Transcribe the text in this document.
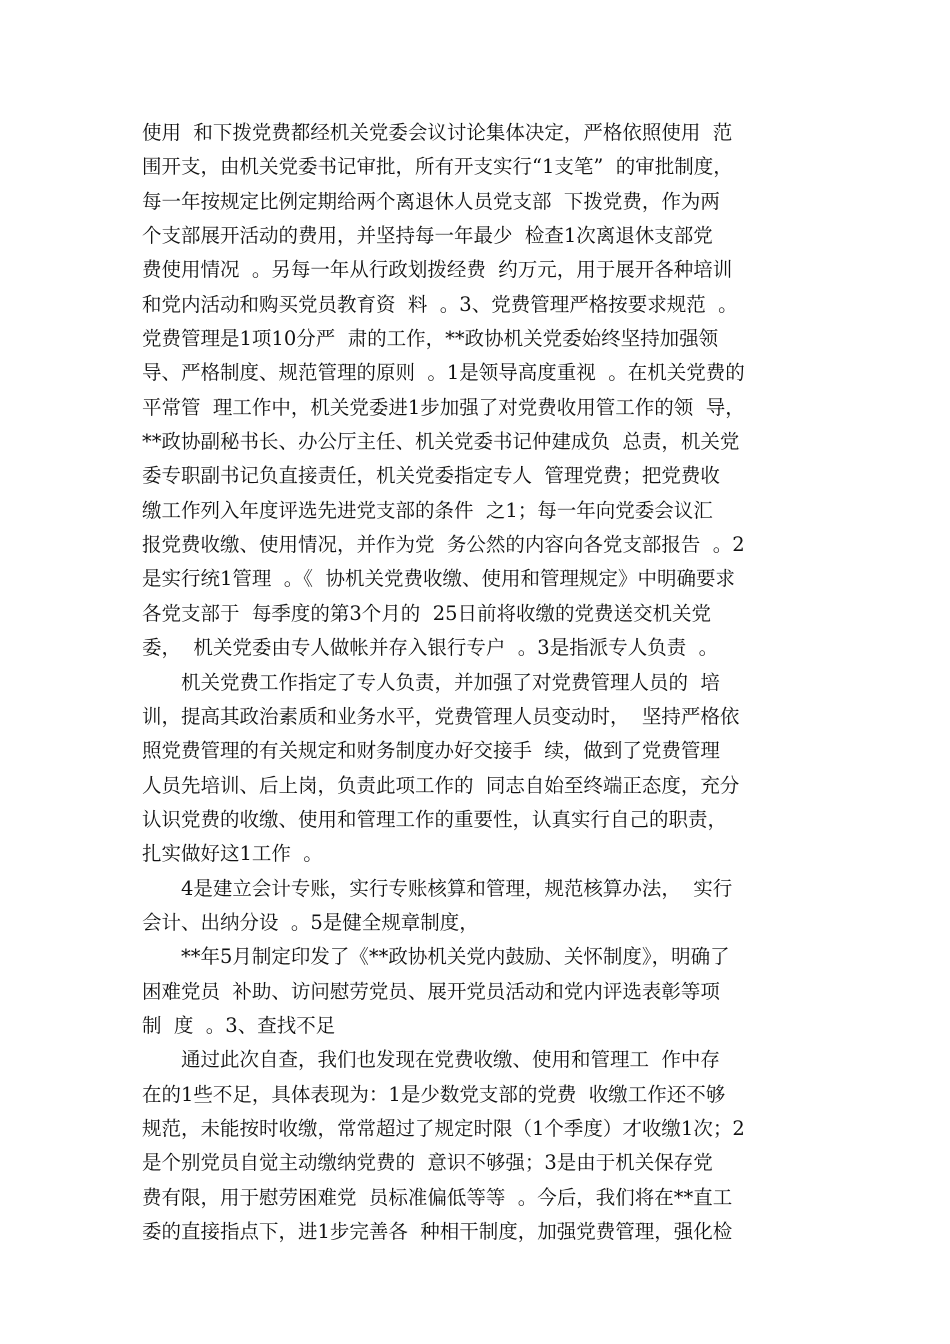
使用  和下拨党费都经机关党委会议讨论集体决定，严格依照使用  范
围开支，由机关党委书记审批，所有开支实行“1支笔”  的审批制度，
每一年按规定比例定期给两个离退休人员党支部  下拨党费，作为两
个支部展开活动的费用，并坚持每一年最少  检查1次离退休支部党
费使用情况  。另每一年从行政划拨经费  约万元，用于展开各种培训
和党内活动和购买党员教育资  料  。3、党费管理严格按要求规范  。
党费管理是1项10分严  肃的工作，**政协机关党委始终坚持加强领
导、严格制度、规范管理的原则  。1是领导高度重视  。在机关党费的
平常管  理工作中，机关党委进1步加强了对党费收用管工作的领  导，
**政协副秘书长、办公厅主任、机关党委书记仲建成负  总责，机关党
委专职副书记负直接责任，机关党委指定专人  管理党费；把党费收
缴工作列入年度评选先进党支部的条件  之1；每一年向党委会议汇
报党费收缴、使用情况，并作为党  务公然的内容向各党支部报告  。2
是实行统1管理  。《  协机关党费收缴、使用和管理规定》中明确要求
各党支部于  每季度的第3个月的  25日前将收缴的党费送交机关党
委，  机关党委由专人做帐并存入银行专户  。3是指派专人负责  。
机关党费工作指定了专人负责，并加强了对党费管理人员的  培
训，提高其政治素质和业务水平，党费管理人员变动时，  坚持严格依
照党费管理的有关规定和财务制度办好交接手  续，做到了党费管理
人员先培训、后上岗，负责此项工作的  同志自始至终端正态度，充分
认识党费的收缴、使用和管理工作的重要性，认真实行自己的职责，
扎实做好这1工作  。
4是建立会计专账，实行专账核算和管理，规范核算办法，  实行
会计、出纳分设  。5是健全规章制度，
**年5月制定印发了《**政协机关党内鼓励、关怀制度》，明确了
困难党员  补助、访问慰劳党员、展开党员活动和党内评选表彰等项
制  度  。3、查找不足
通过此次自查，我们也发现在党费收缴、使用和管理工  作中存
在的1些不足，具体表现为：1是少数党支部的党费  收缴工作还不够
规范，未能按时收缴，常常超过了规定时限（1个季度）才收缴1次；2
是个别党员自觉主动缴纳党费的  意识不够强；3是由于机关保存党
费有限，用于慰劳困难党  员标准偏低等等  。今后，我们将在**直工
委的直接指点下，进1步完善各  种相干制度，加强党费管理，强化检
